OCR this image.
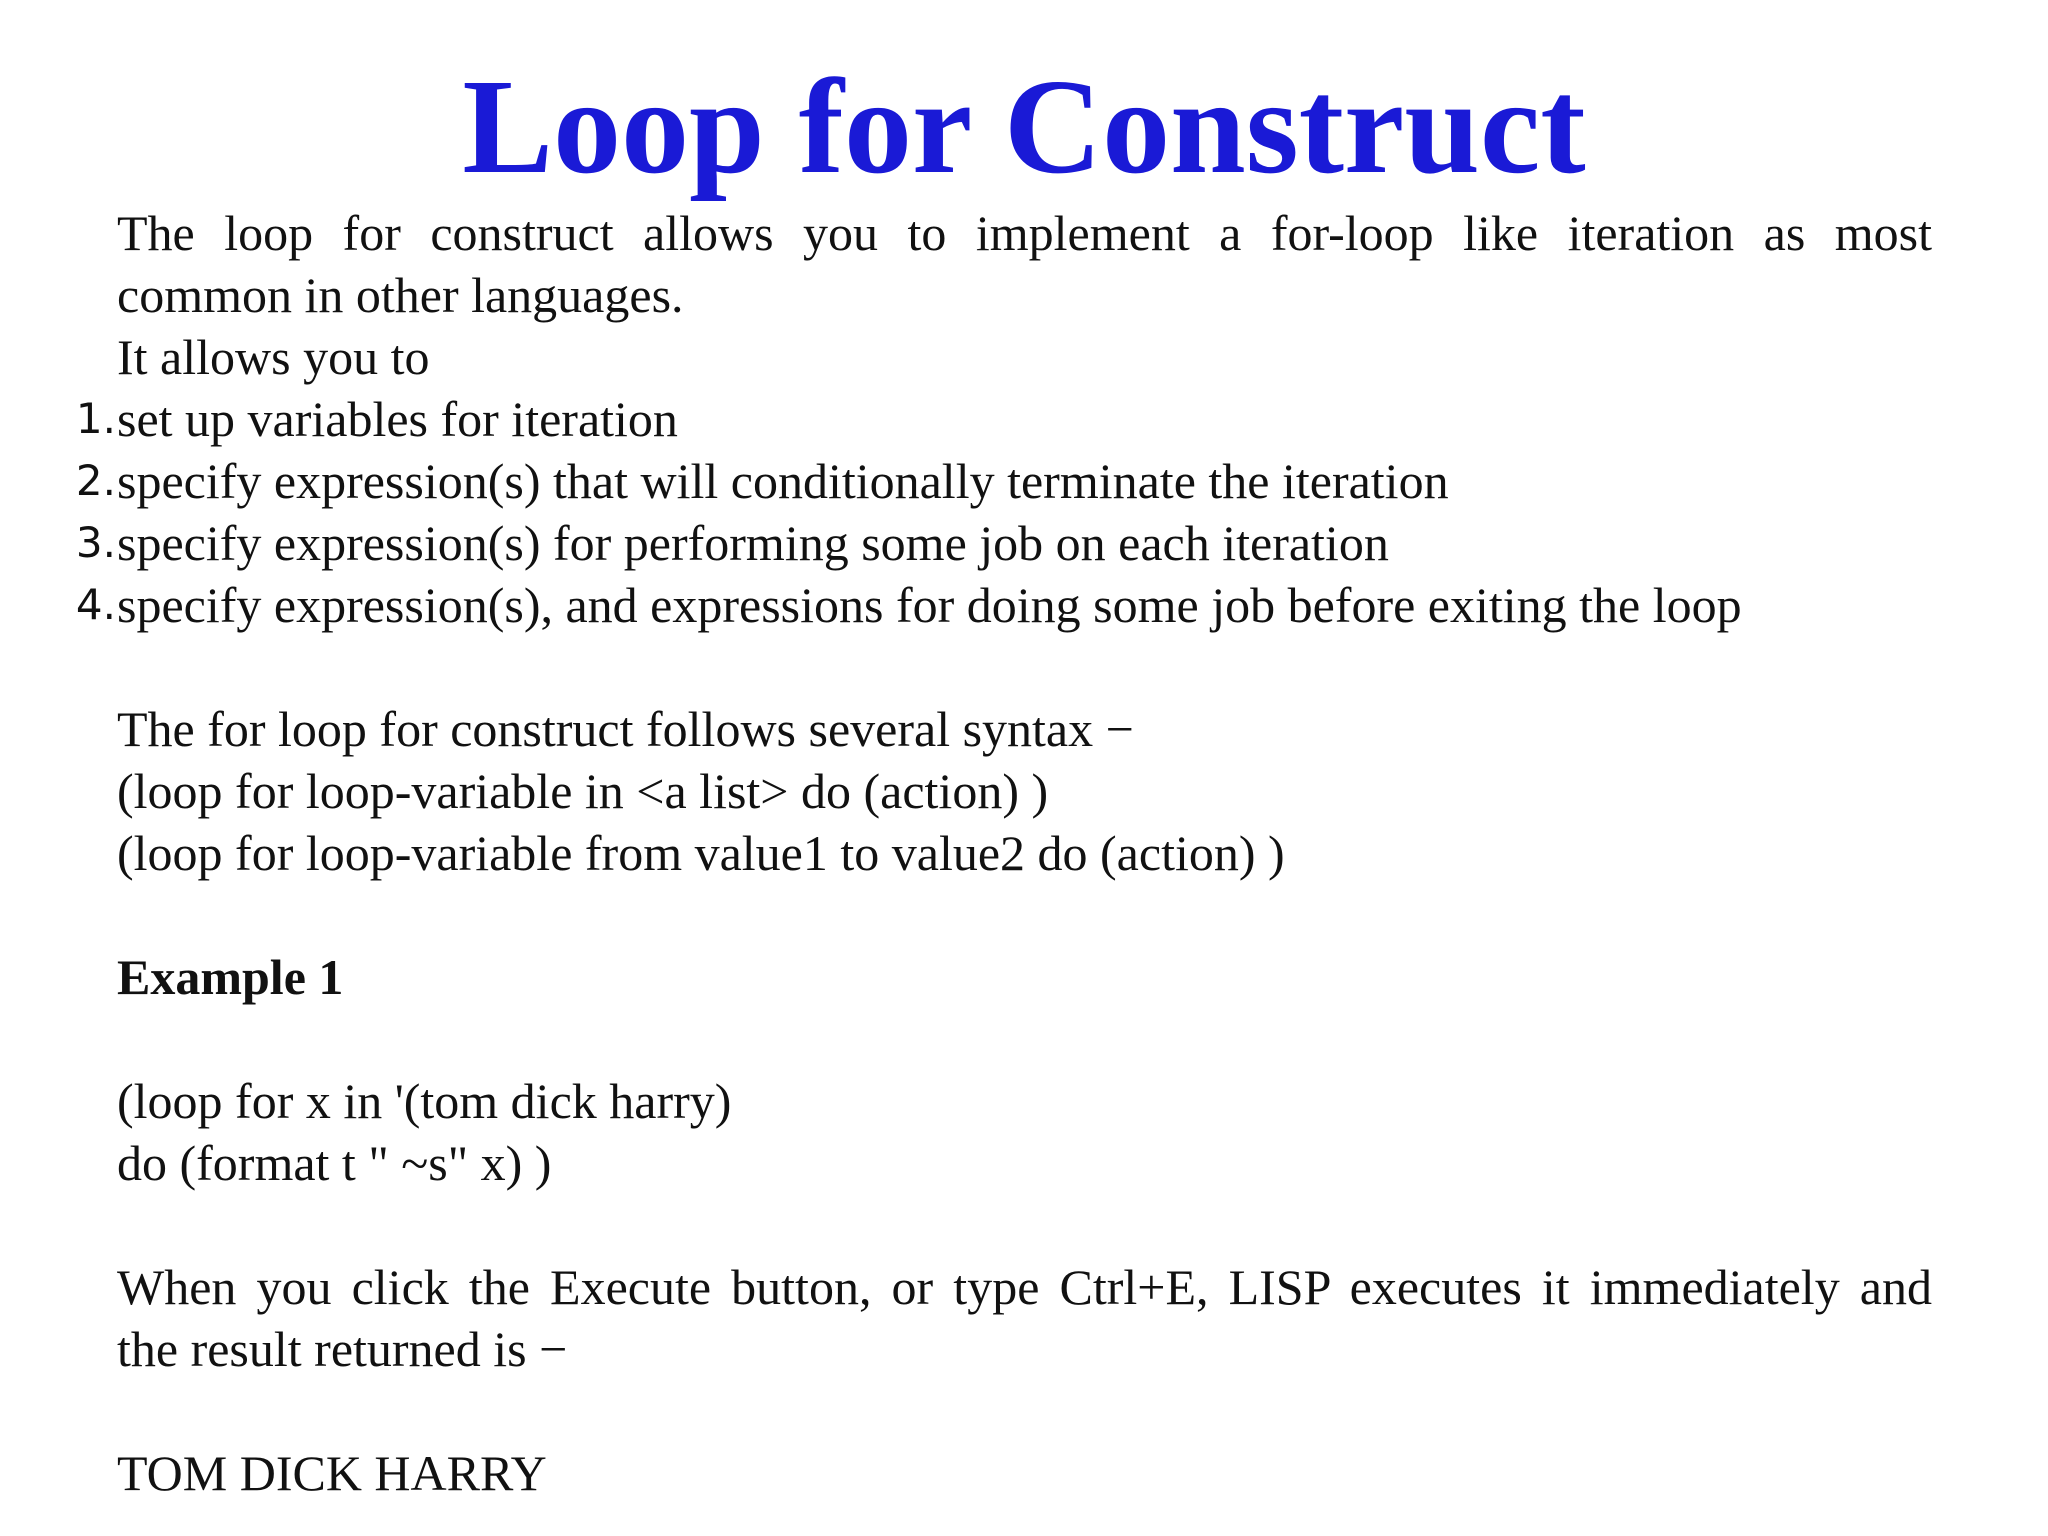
Loop for Construct
The loop for construct allows you to implement a for-loop like iteration as most
common in other languages.
It allows you to
1. set up variables for iteration
2. specify expression(s) that will conditionally terminate the iteration
3. specify expression(s) for performing some job on each iteration
4. specify expression(s), and expressions for doing some job before exiting the loop
The for loop for construct follows several syntax −
(loop for loop-variable in <a list> do (action) )
(loop for loop-variable from value1 to value2 do (action) )
Example 1
(loop for x in '(tom dick harry)
do (format t " ~s" x) )
When you click the Execute button, or type Ctrl+E, LISP executes it immediately and
the result returned is −
TOM DICK HARRY
